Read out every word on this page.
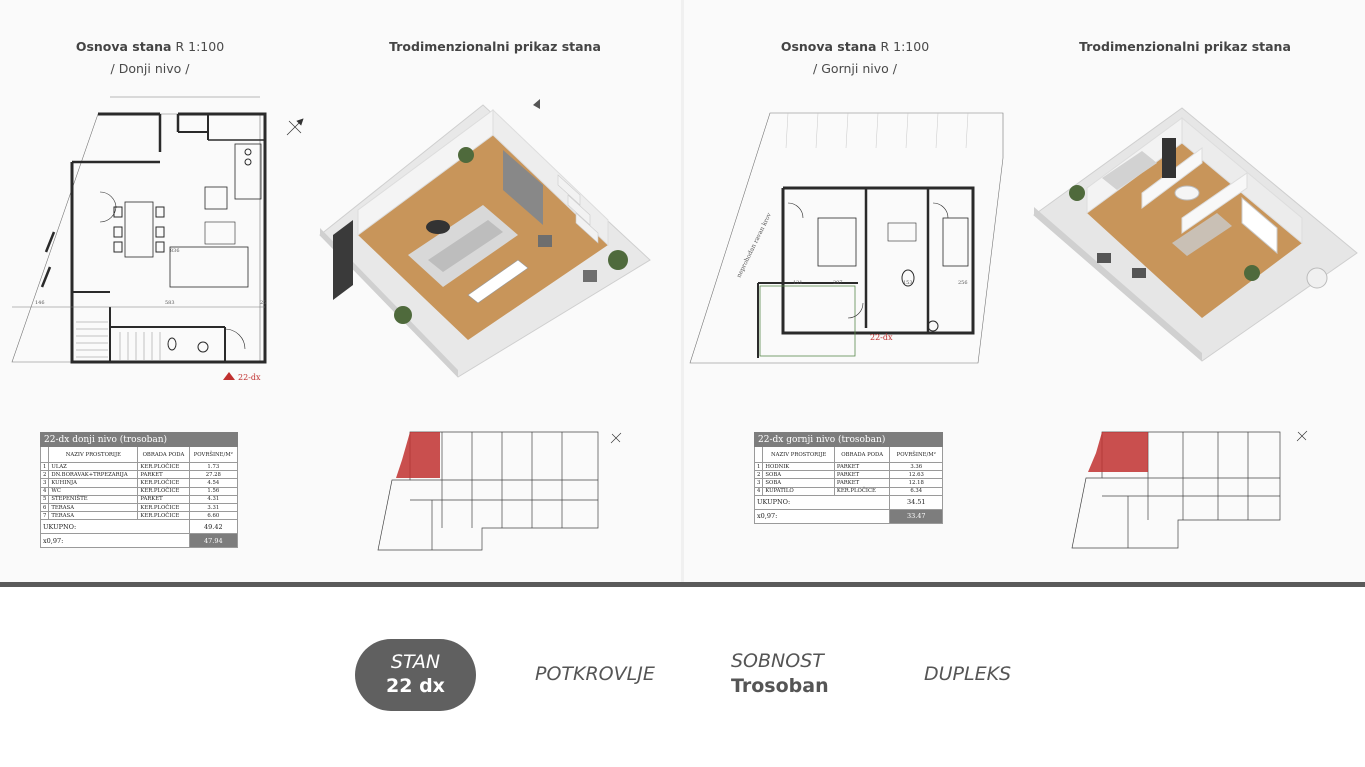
Osnova stana R 1:100
/ Donji nivo /
Trodimenzionalni prikaz stana	Osnova stana R 1:100
/ Gornji nivo /
Trodimenzionalni prikaz stana
146	583	25
836
22-dx
22-dx donji nivo (trosoban)			
	NAZIV PROSTORIJE	OBRADA PODA	POVRŠINE/M²
1	ULAZ	KER.PLOČICE	1.73
2	DN.BORAVAK+TRPEZARIJA	PARKET	27.28
3	KUHINJA	KER.PLOČICE	4.54
4	WC	KER.PLOČICE	1.56
5	STEPENIŠTE	PARKET	4.31
6	TERASA	KER.PLOČICE	3.31
7	TERASA	KER.PLOČICE	6.60
UKUPNO:			49.42
x0,97:			47.94
121	297	153	256
neprohodan ravan krov
22-dx
22-dx gornji nivo (trosoban)			
	NAZIV PROSTORIJE	OBRADA PODA	POVRŠINE/M²
1	HODNIK	PARKET	3.36
2	SOBA	PARKET	12.63
3	SOBA	PARKET	12.18
4	KUPATILO	KER.PLOČICE	6.34
UKUPNO:			34.51
x0,97:			33.47
STAN
22 dx
POTKROVLJE
SOBNOST
Trosoban
DUPLEKS
